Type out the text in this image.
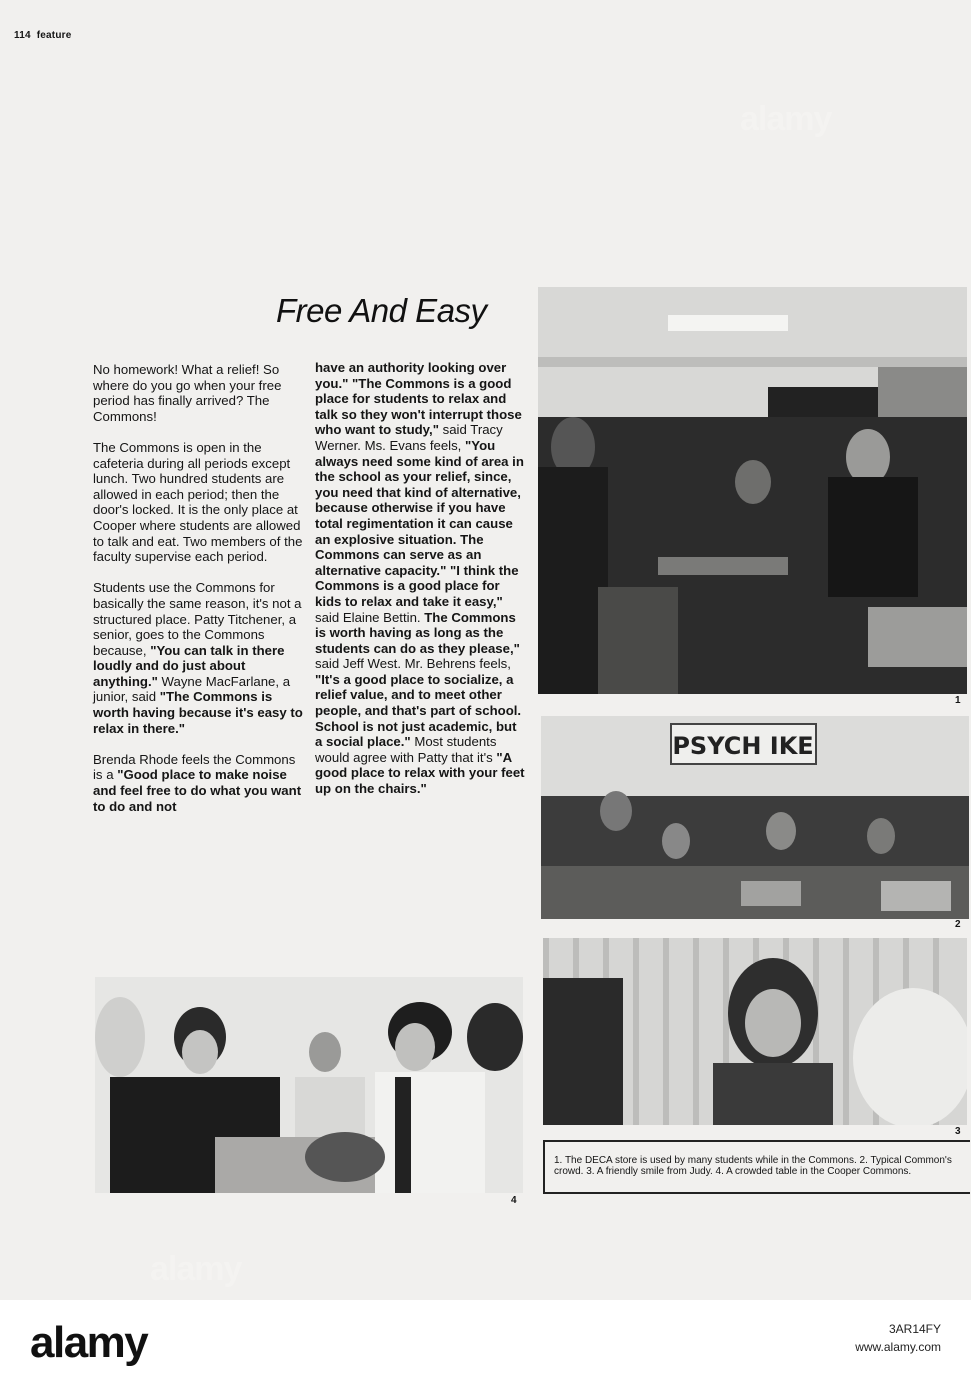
114 feature
Free And Easy

No homework! What a relief! So where do you go when your free period has finally arrived? The Commons!

The Commons is open in the cafeteria during all periods except lunch. Two hundred students are allowed in each period; then the door's locked. It is the only place at Cooper where students are allowed to talk and eat. Two members of the faculty supervise each period.

Students use the Commons for basically the same reason, it's not a structured place. Patty Titchener, a senior, goes to the Commons because, "You can talk in there loudly and do just about anything." Wayne MacFarlane, a junior, said "The Commons is worth having because it's easy to relax in there."

Brenda Rhode feels the Commons is a "Good place to make noise and feel free to do what you want to do and not

have an authority looking over you." "The Commons is a good place for students to relax and talk so they won't interrupt those who want to study," said Tracy Werner. Ms. Evans feels, "You always need some kind of area in the school as your relief, since, you need that kind of alternative, because otherwise if you have total regimentation it can cause an explosive situation. The Commons can serve as an alternative capacity." "I think the Commons is a good place for kids to relax and take it easy," said Elaine Bettin. The Commons is worth having as long as the students can do as they please," said Jeff West. Mr. Behrens feels, "It's a good place to socialize, a relief value, and to meet other people, and that's part of school. School is not just academic, but a social place." Most students would agree with Patty that it's "A good place to relax with your feet up on the chairs."

1
PSYCH IKE
2
3
4
1. The DECA store is used by many students while in the Commons. 2. Typical Common's crowd. 3. A friendly smile from Judy. 4. A crowded table in the Cooper Commons.
alamy
alamy
alamy	3AR14FY
www.alamy.com
